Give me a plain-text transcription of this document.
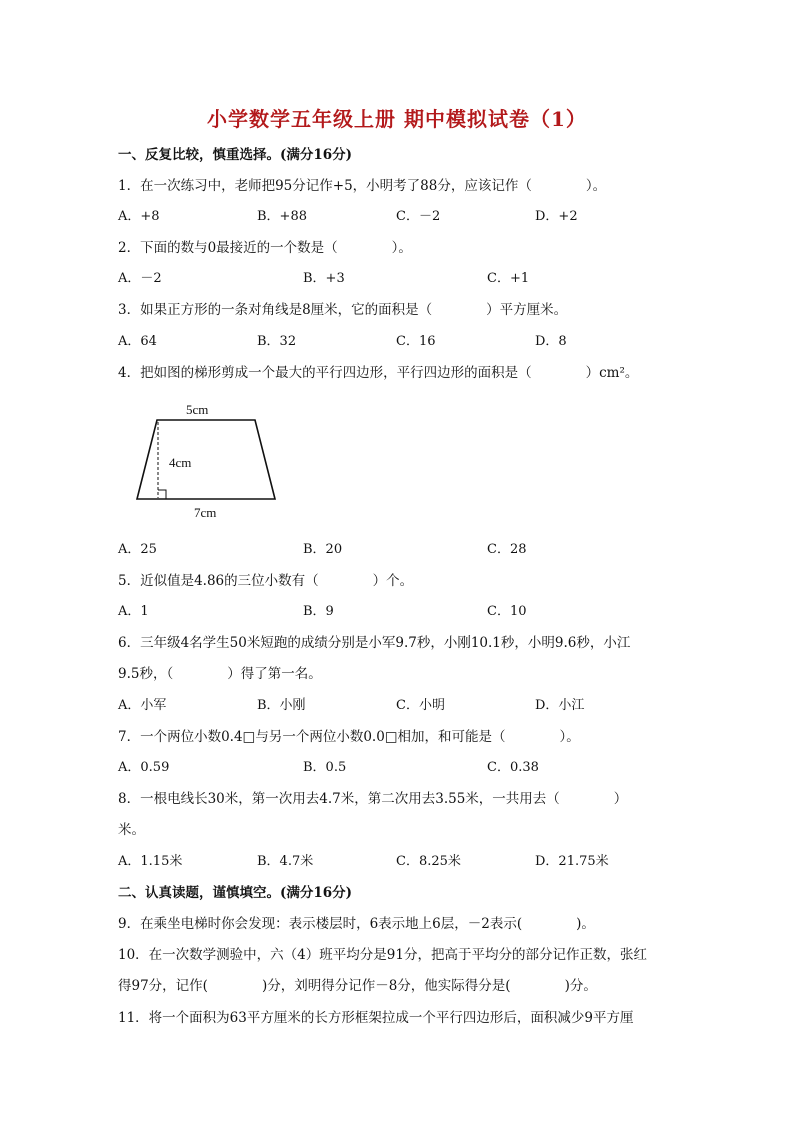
小学数学五年级上册 期中模拟试卷（1）
一、反复比较，慎重选择。(满分16分)
1．在一次练习中，老师把95分记作+5，小明考了88分，应该记作（　　　　）。
A．+8	B．+88	C．－2	D．+2
2．下面的数与0最接近的一个数是（　　　　）。
A．－2	B．+3	C．+1
3．如果正方形的一条对角线是8厘米，它的面积是（　　　　）平方厘米。
A．64	B．32	C．16	D．8
4．把如图的梯形剪成一个最大的平行四边形，平行四边形的面积是（　　　　）cm²。
5cm
4cm
7cm
A．25	B．20	C．28
5．近似值是4.86的三位小数有（　　　　）个。
A．1	B．9	C．10
6．三年级4名学生50米短跑的成绩分别是小军9.7秒，小刚10.1秒，小明9.6秒，小江
9.5秒，（　　　　）得了第一名。
A．小军	B．小刚	C．小明	D．小江
7．一个两位小数0.4□与另一个两位小数0.0□相加，和可能是（　　　　）。
A．0.59	B．0.5	C．0.38
8．一根电线长30米，第一次用去4.7米，第二次用去3.55米，一共用去（　　　　）
米。
A．1.15米	B．4.7米	C．8.25米	D．21.75米
二、认真读题，谨慎填空。(满分16分)
9．在乘坐电梯时你会发现：表示楼层时，6表示地上6层，－2表示(　　　　)。
10．在一次数学测验中，六（4）班平均分是91分，把高于平均分的部分记作正数，张红
得97分，记作(　　　　)分，刘明得分记作－8分，他实际得分是(　　　　)分。
11．将一个面积为63平方厘米的长方形框架拉成一个平行四边形后，面积减少9平方厘
